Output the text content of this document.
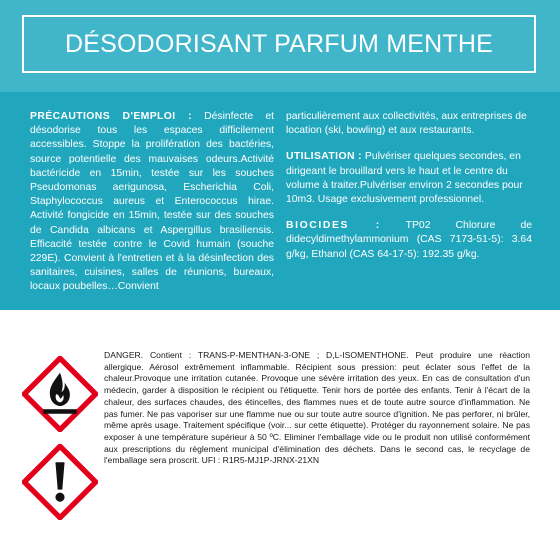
DÉSODORISANT PARFUM MENTHE

PRÉCAUTIONS D'EMPLOI : Désinfecte et désodorise tous les espaces difficilement accessibles. Stoppe la prolifération des bactéries, source potentielle des mauvaises odeurs.Activité bactéricide en 15min, testée sur les souches Pseudomonas aerigunosa, Escherichia Coli, Staphylococcus aureus et Enterococcus hirae. Activité fongicide en 15min, testée sur des souches de Candida albicans et Aspergillus brasiliensis. Efficacité testée contre le Covid humain (souche 229E). Convient à l'entretien et à la désinfection des sanitaires, cuisines, salles de réunions, bureaux, locaux poubelles…Convient

particulièrement aux collectivités, aux entreprises de location (ski, bowling) et aux restaurants.

UTILISATION : Pulvériser quelques secondes, en dirigeant le brouillard vers le haut et le centre du volume à traiter.Pulvériser environ 2 secondes pour 10m3. Usage exclusivement professionnel.

BIOCIDES : TP02 Chlorure de didecyldimethylammonium (CAS 7173-51-5): 3.64 g/kg, Ethanol (CAS 64-17-5): 192.35 g/kg.

DANGER. Contient : TRANS-P-MENTHAN-3-ONE ; D,L-ISOMENTHONE. Peut produire une réaction allergique. Aérosol extrêmement inflammable. Récipient sous pression: peut éclater sous l'effet de la chaleur.Provoque une irritation cutanée. Provoque une sévère irritation des yeux. En cas de consultation d'un médecin, garder à disposition le récipient ou l'étiquette. Tenir hors de portée des enfants. Tenir à l'écart de la chaleur, des surfaces chaudes, des étincelles, des flammes nues et de toute autre source d'inflammation. Ne pas fumer. Ne pas vaporiser sur une flamme nue ou sur toute autre source d'ignition. Ne pas perforer, ni brûler, même après usage. Traitement spécifique (voir... sur cette étiquette). Protéger du rayonnement solaire. Ne pas exposer à une température supérieur à 50 ºC. Eliminer l'emballage vide ou le produit non utilisé conformément aux prescriptions du règlement municipal d'élimination des déchets. Dans le second cas, le recyclage de l'emballage sera proscrit. UFI : R1R5-MJ1P-JRNX-21XN
